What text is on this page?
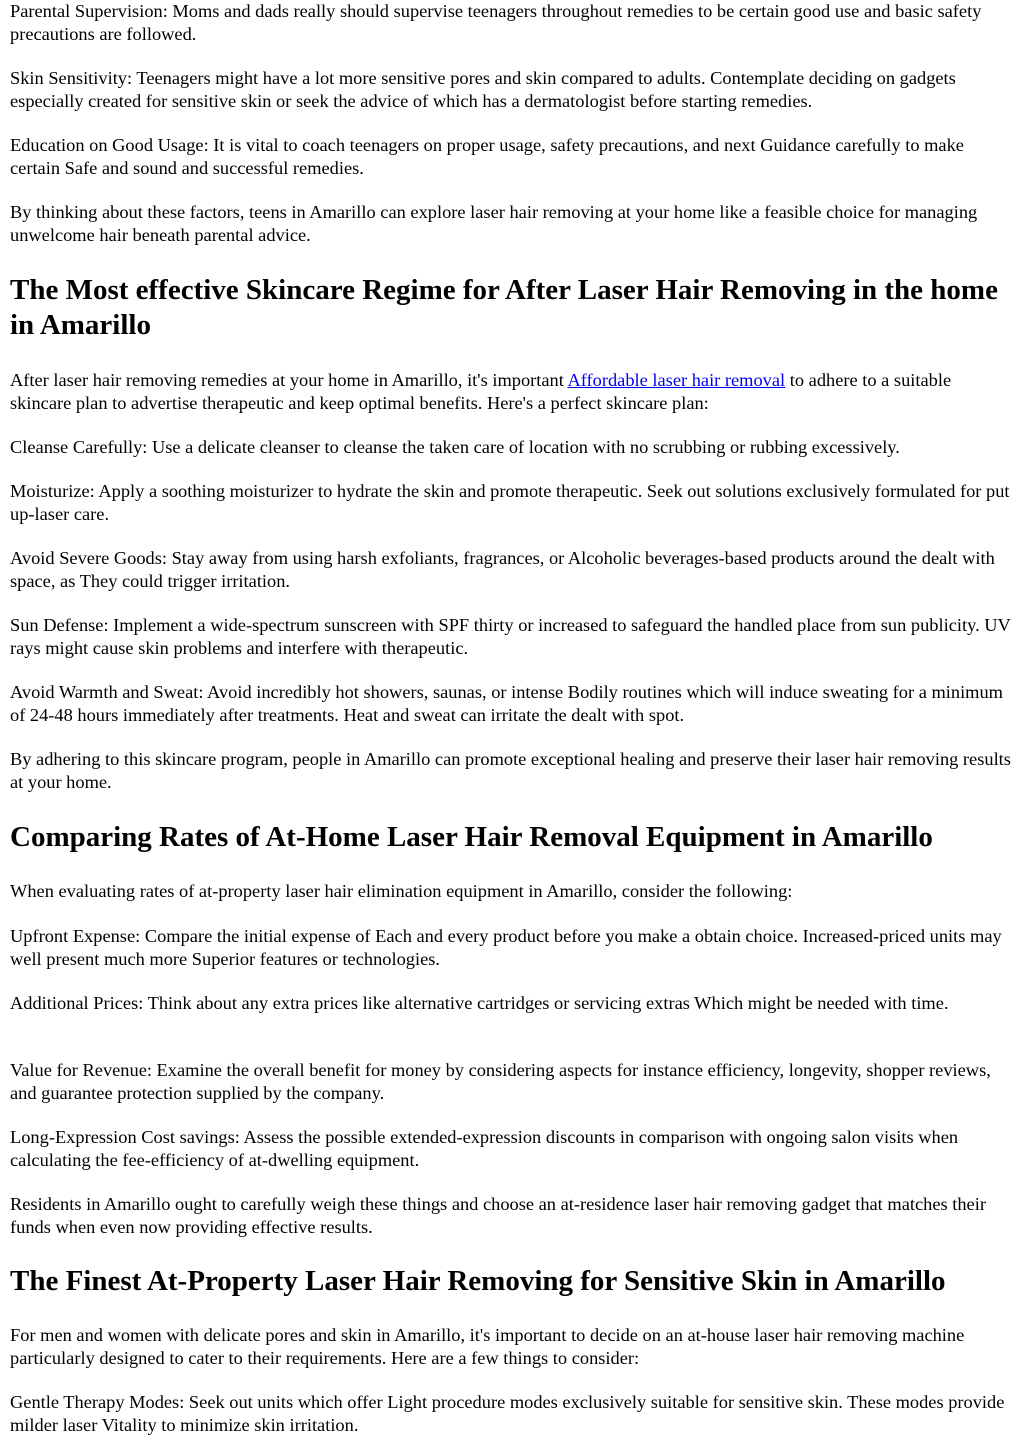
Parental Supervision: Moms and dads really should supervise teenagers throughout remedies to be certain good use and basic safety precautions are followed.

Skin Sensitivity: Teenagers might have a lot more sensitive pores and skin compared to adults. Contemplate deciding on gadgets especially created for sensitive skin or seek the advice of which has a dermatologist before starting remedies.

Education on Good Usage: It is vital to coach teenagers on proper usage, safety precautions, and next Guidance carefully to make certain Safe and sound and successful remedies.

By thinking about these factors, teens in Amarillo can explore laser hair removing at your home like a feasible choice for managing unwelcome hair beneath parental advice.

The Most effective Skincare Regime for After Laser Hair Removing in the home in Amarillo

After laser hair removing remedies at your home in Amarillo, it's important Affordable laser hair removal to adhere to a suitable skincare plan to advertise therapeutic and keep optimal benefits. Here's a perfect skincare plan:

Cleanse Carefully: Use a delicate cleanser to cleanse the taken care of location with no scrubbing or rubbing excessively.

Moisturize: Apply a soothing moisturizer to hydrate the skin and promote therapeutic. Seek out solutions exclusively formulated for put up-laser care.

Avoid Severe Goods: Stay away from using harsh exfoliants, fragrances, or Alcoholic beverages-based products around the dealt with space, as They could trigger irritation.

Sun Defense: Implement a wide-spectrum sunscreen with SPF thirty or increased to safeguard the handled place from sun publicity. UV rays might cause skin problems and interfere with therapeutic.

Avoid Warmth and Sweat: Avoid incredibly hot showers, saunas, or intense Bodily routines which will induce sweating for a minimum of 24-48 hours immediately after treatments. Heat and sweat can irritate the dealt with spot.

By adhering to this skincare program, people in Amarillo can promote exceptional healing and preserve their laser hair removing results at your home.

Comparing Rates of At-Home Laser Hair Removal Equipment in Amarillo

When evaluating rates of at-property laser hair elimination equipment in Amarillo, consider the following:

Upfront Expense: Compare the initial expense of Each and every product before you make a obtain choice. Increased-priced units may well present much more Superior features or technologies.

Additional Prices: Think about any extra prices like alternative cartridges or servicing extras Which might be needed with time.

Value for Revenue: Examine the overall benefit for money by considering aspects for instance efficiency, longevity, shopper reviews, and guarantee protection supplied by the company.

Long-Expression Cost savings: Assess the possible extended-expression discounts in comparison with ongoing salon visits when calculating the fee-efficiency of at-dwelling equipment.

Residents in Amarillo ought to carefully weigh these things and choose an at-residence laser hair removing gadget that matches their funds when even now providing effective results.

The Finest At-Property Laser Hair Removing for Sensitive Skin in Amarillo

For men and women with delicate pores and skin in Amarillo, it's important to decide on an at-house laser hair removing machine particularly designed to cater to their requirements. Here are a few things to consider:

Gentle Therapy Modes: Seek out units which offer Light procedure modes exclusively suitable for sensitive skin. These modes provide milder laser Vitality to minimize skin irritation.
